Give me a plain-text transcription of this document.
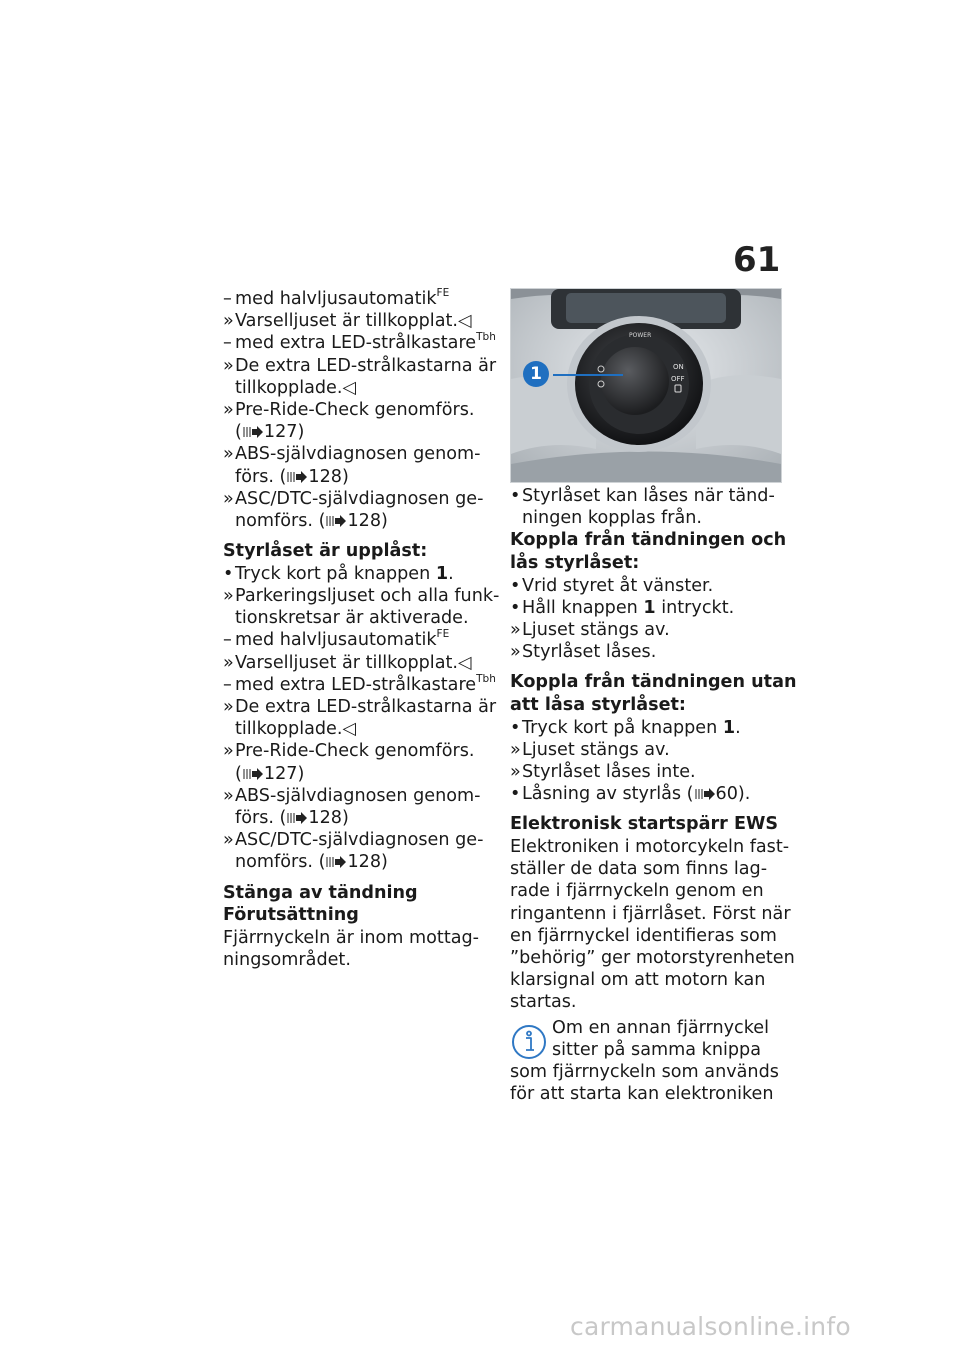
61
– med halvljusautomatik$^{FE}$
»Varselljuset är tillkopplat.◁
– med extra LED-strålkastare$^{Tbh}$
»De extra LED-strålkastarna är
tillkopplade.◁
»Pre-Ride-Check genomförs.
( 127)
»ABS-självdiagnosen genom-
förs. ( 128)
»ASC/DTC-självdiagnosen ge-
nomförs. ( 128)
Styrlåset är upplåst:
•Tryck kort på knappen 1.
»Parkeringsljuset och alla funk-
tionskretsar är aktiverade.
– med halvljusautomatik$^{FE}$
»Varselljuset är tillkopplat.◁
– med extra LED-strålkastare$^{Tbh}$
»De extra LED-strålkastarna är
tillkopplade.◁
»Pre-Ride-Check genomförs.
( 127)
»ABS-självdiagnosen genom-
förs. ( 128)
»ASC/DTC-självdiagnosen ge-
nomförs. ( 128)
Stänga av tändning
Förutsättning
Fjärrnyckeln är inom mottag-
ningsområdet.
POWER
ON
OFF
1
•Styrlåset kan låses när tänd-
ningen kopplas från.
Koppla från tändningen och
lås styrlåset:
•Vrid styret åt vänster.
•Håll knappen 1 intryckt.
»Ljuset stängs av.
»Styrlåset låses.
Koppla från tändningen utan
att låsa styrlåset:
•Tryck kort på knappen 1.
»Ljuset stängs av.
»Styrlåset låses inte.
•Låsning av styrlås ( 60).
Elektronisk startspärr EWS
Elektroniken i motorcykeln fast-
ställer de data som finns lag-
rade i fjärrnyckeln genom en
ringantenn i fjärrlåset. Först när
en fjärrnyckel identifieras som
”behörig” ger motorstyrenheten
klarsignal om att motorn kan
startas.
Om en annan fjärrnyckel
sitter på samma knippa
som fjärrnyckeln som används
för att starta kan elektroniken
carmanualsonline.info
